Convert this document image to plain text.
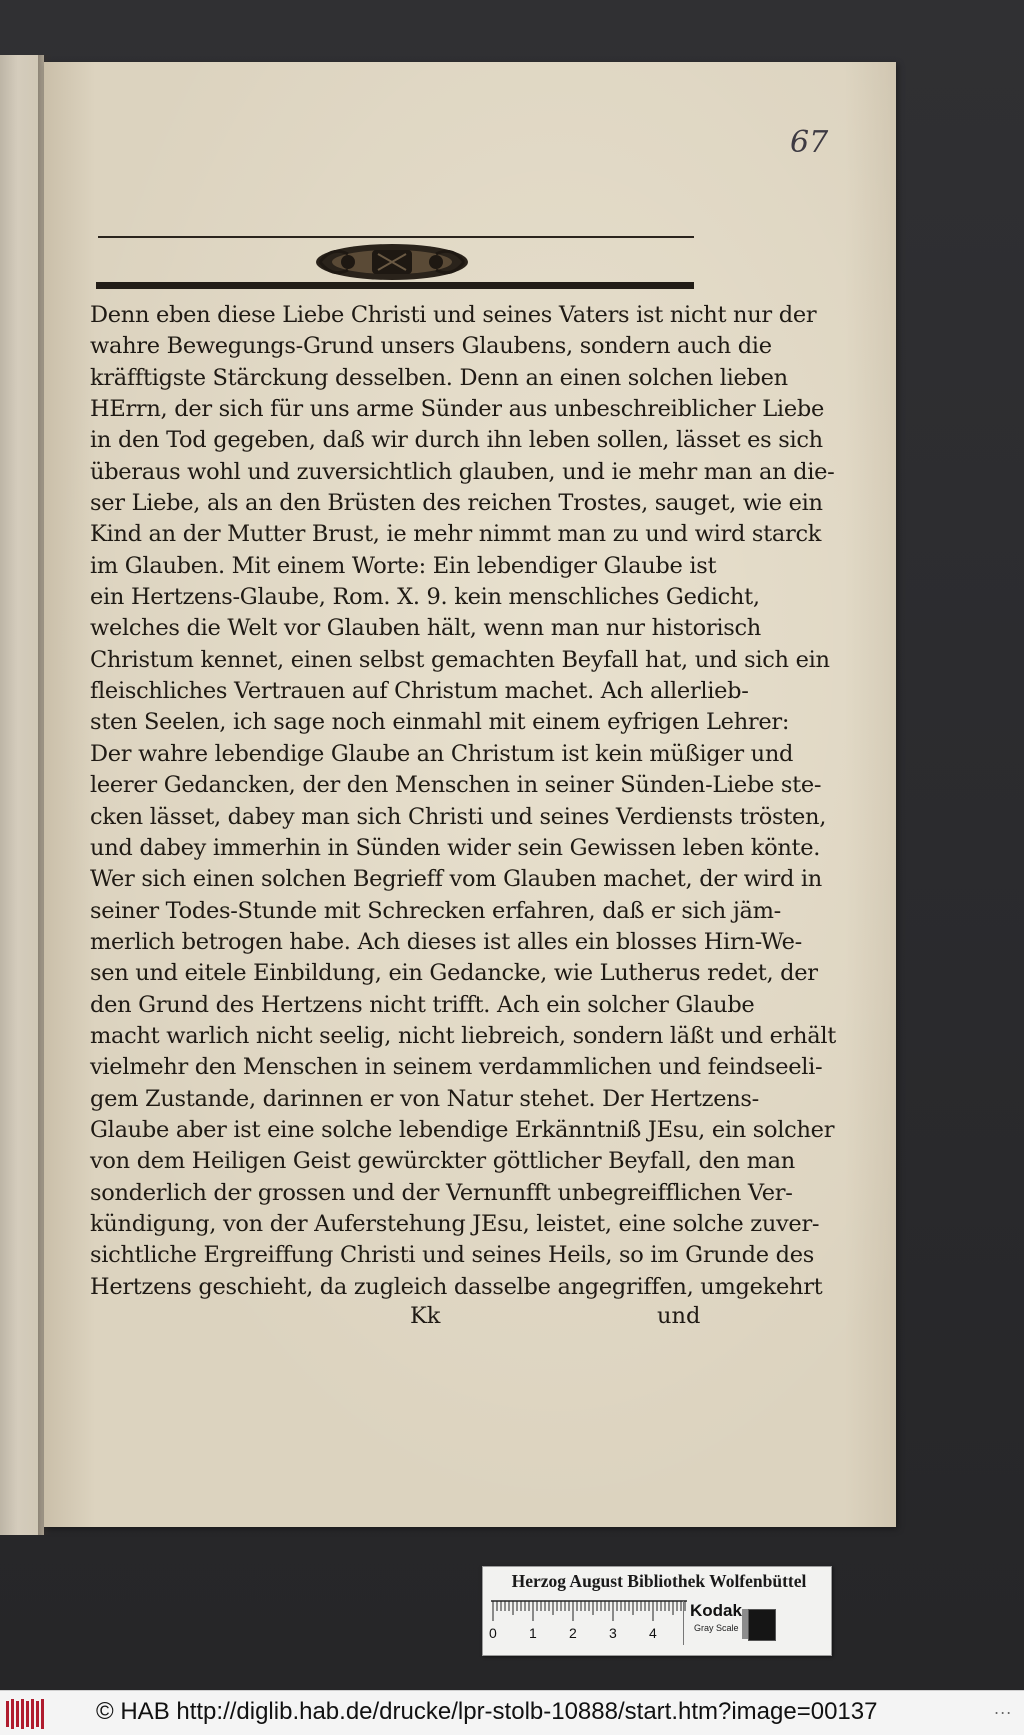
67
Denn eben diese Liebe Christi und seines Vaters ist nicht nur der
wahre Bewegungs-Grund unsers Glaubens, sondern auch die
kräfftigste Stärckung desselben. Denn an einen solchen lieben
HErrn, der sich für uns arme Sünder aus unbeschreiblicher Liebe
in den Tod gegeben, daß wir durch ihn leben sollen, lässet es sich
überaus wohl und zuversichtlich glauben, und ie mehr man an die-
ser Liebe, als an den Brüsten des reichen Trostes, sauget, wie ein
Kind an der Mutter Brust, ie mehr nimmt man zu und wird starck
im Glauben. Mit einem Worte: Ein lebendiger Glaube ist
ein Hertzens-Glaube, Rom. X. 9. kein menschliches Gedicht,
welches die Welt vor Glauben hält, wenn man nur historisch
Christum kennet, einen selbst gemachten Beyfall hat, und sich ein
fleischliches Vertrauen auf Christum machet. Ach allerlieb-
sten Seelen, ich sage noch einmahl mit einem eyfrigen Lehrer:
Der wahre lebendige Glaube an Christum ist kein müßiger und
leerer Gedancken, der den Menschen in seiner Sünden-Liebe ste-
cken lässet, dabey man sich Christi und seines Verdiensts trösten,
und dabey immerhin in Sünden wider sein Gewissen leben könte.
Wer sich einen solchen Begrieff vom Glauben machet, der wird in
seiner Todes-Stunde mit Schrecken erfahren, daß er sich jäm-
merlich betrogen habe. Ach dieses ist alles ein blosses Hirn-We-
sen und eitele Einbildung, ein Gedancke, wie Lutherus redet, der
den Grund des Hertzens nicht trifft. Ach ein solcher Glaube
macht warlich nicht seelig, nicht liebreich, sondern läßt und erhält
vielmehr den Menschen in seinem verdammlichen und feindseeli-
gem Zustande, darinnen er von Natur stehet. Der Hertzens-
Glaube aber ist eine solche lebendige Erkänntniß JEsu, ein solcher
von dem Heiligen Geist gewürckter göttlicher Beyfall, den man
sonderlich der grossen und der Vernunfft unbegreifflichen Ver-
kündigung, von der Auferstehung JEsu, leistet, eine solche zuver-
sichtliche Ergreiffung Christi und seines Heils, so im Grunde des
Hertzens geschieht, da zugleich dasselbe angegriffen, umgekehrt
Kk	und
Herzog August Bibliothek Wolfenbüttel
0 1 2 3 4
Kodak
Gray Scale
© HAB http://diglib.hab.de/drucke/lpr-stolb-10888/start.htm?image=00137	...
